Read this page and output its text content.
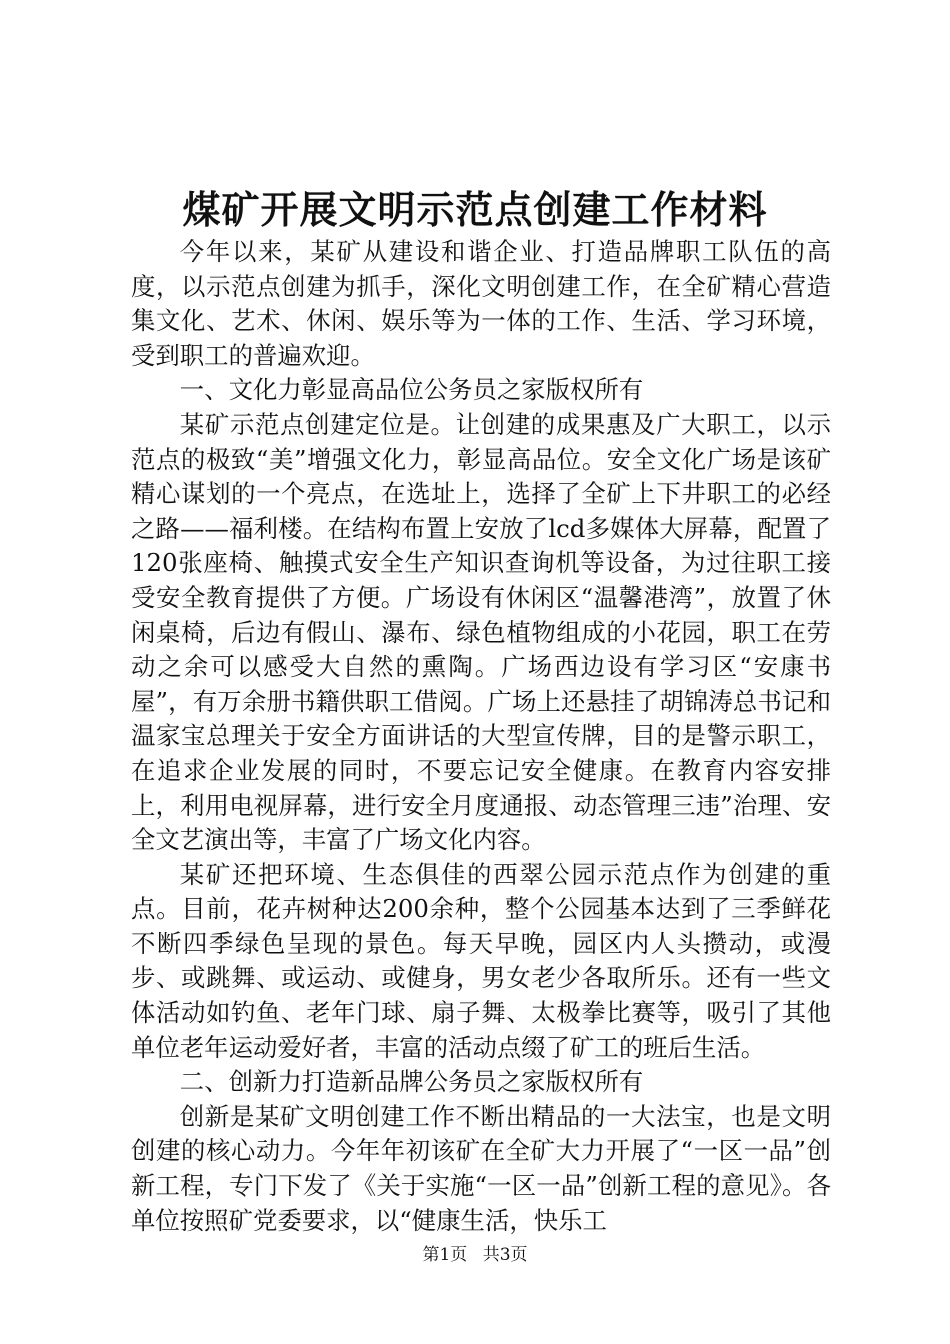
煤矿开展文明示范点创建工作材料

今年以来，某矿从建设和谐企业、打造品牌职工队伍的高度，以示范点创建为抓手，深化文明创建工作，在全矿精心营造集文化、艺术、休闲、娱乐等为一体的工作、生活、学习环境，受到职工的普遍欢迎。

一、文化力彰显高品位公务员之家版权所有

某矿示范点创建定位是。让创建的成果惠及广大职工，以示范点的极致“美”增强文化力，彰显高品位。安全文化广场是该矿精心谋划的一个亮点，在选址上，选择了全矿上下井职工的必经之路——福利楼。在结构布置上安放了lcd多媒体大屏幕，配置了120张座椅、触摸式安全生产知识查询机等设备，为过往职工接受安全教育提供了方便。广场设有休闲区“温馨港湾”，放置了休闲桌椅，后边有假山、瀑布、绿色植物组成的小花园，职工在劳动之余可以感受大自然的熏陶。广场西边设有学习区“安康书屋”，有万余册书籍供职工借阅。广场上还悬挂了胡锦涛总书记和温家宝总理关于安全方面讲话的大型宣传牌，目的是警示职工，在追求企业发展的同时，不要忘记安全健康。在教育内容安排上，利用电视屏幕，进行安全月度通报、动态管理三违”治理、安全文艺演出等，丰富了广场文化内容。

某矿还把环境、生态俱佳的西翠公园示范点作为创建的重点。目前，花卉树种达200余种，整个公园基本达到了三季鲜花不断四季绿色呈现的景色。每天早晚，园区内人头攒动，或漫步、或跳舞、或运动、或健身，男女老少各取所乐。还有一些文体活动如钓鱼、老年门球、扇子舞、太极拳比赛等，吸引了其他单位老年运动爱好者，丰富的活动点缀了矿工的班后生活。

二、创新力打造新品牌公务员之家版权所有

创新是某矿文明创建工作不断出精品的一大法宝，也是文明创建的核心动力。今年年初该矿在全矿大力开展了“一区一品”创新工程，专门下发了《关于实施“一区一品”创新工程的意见》。各单位按照矿党委要求，以“健康生活，快乐工

第1页 共3页
